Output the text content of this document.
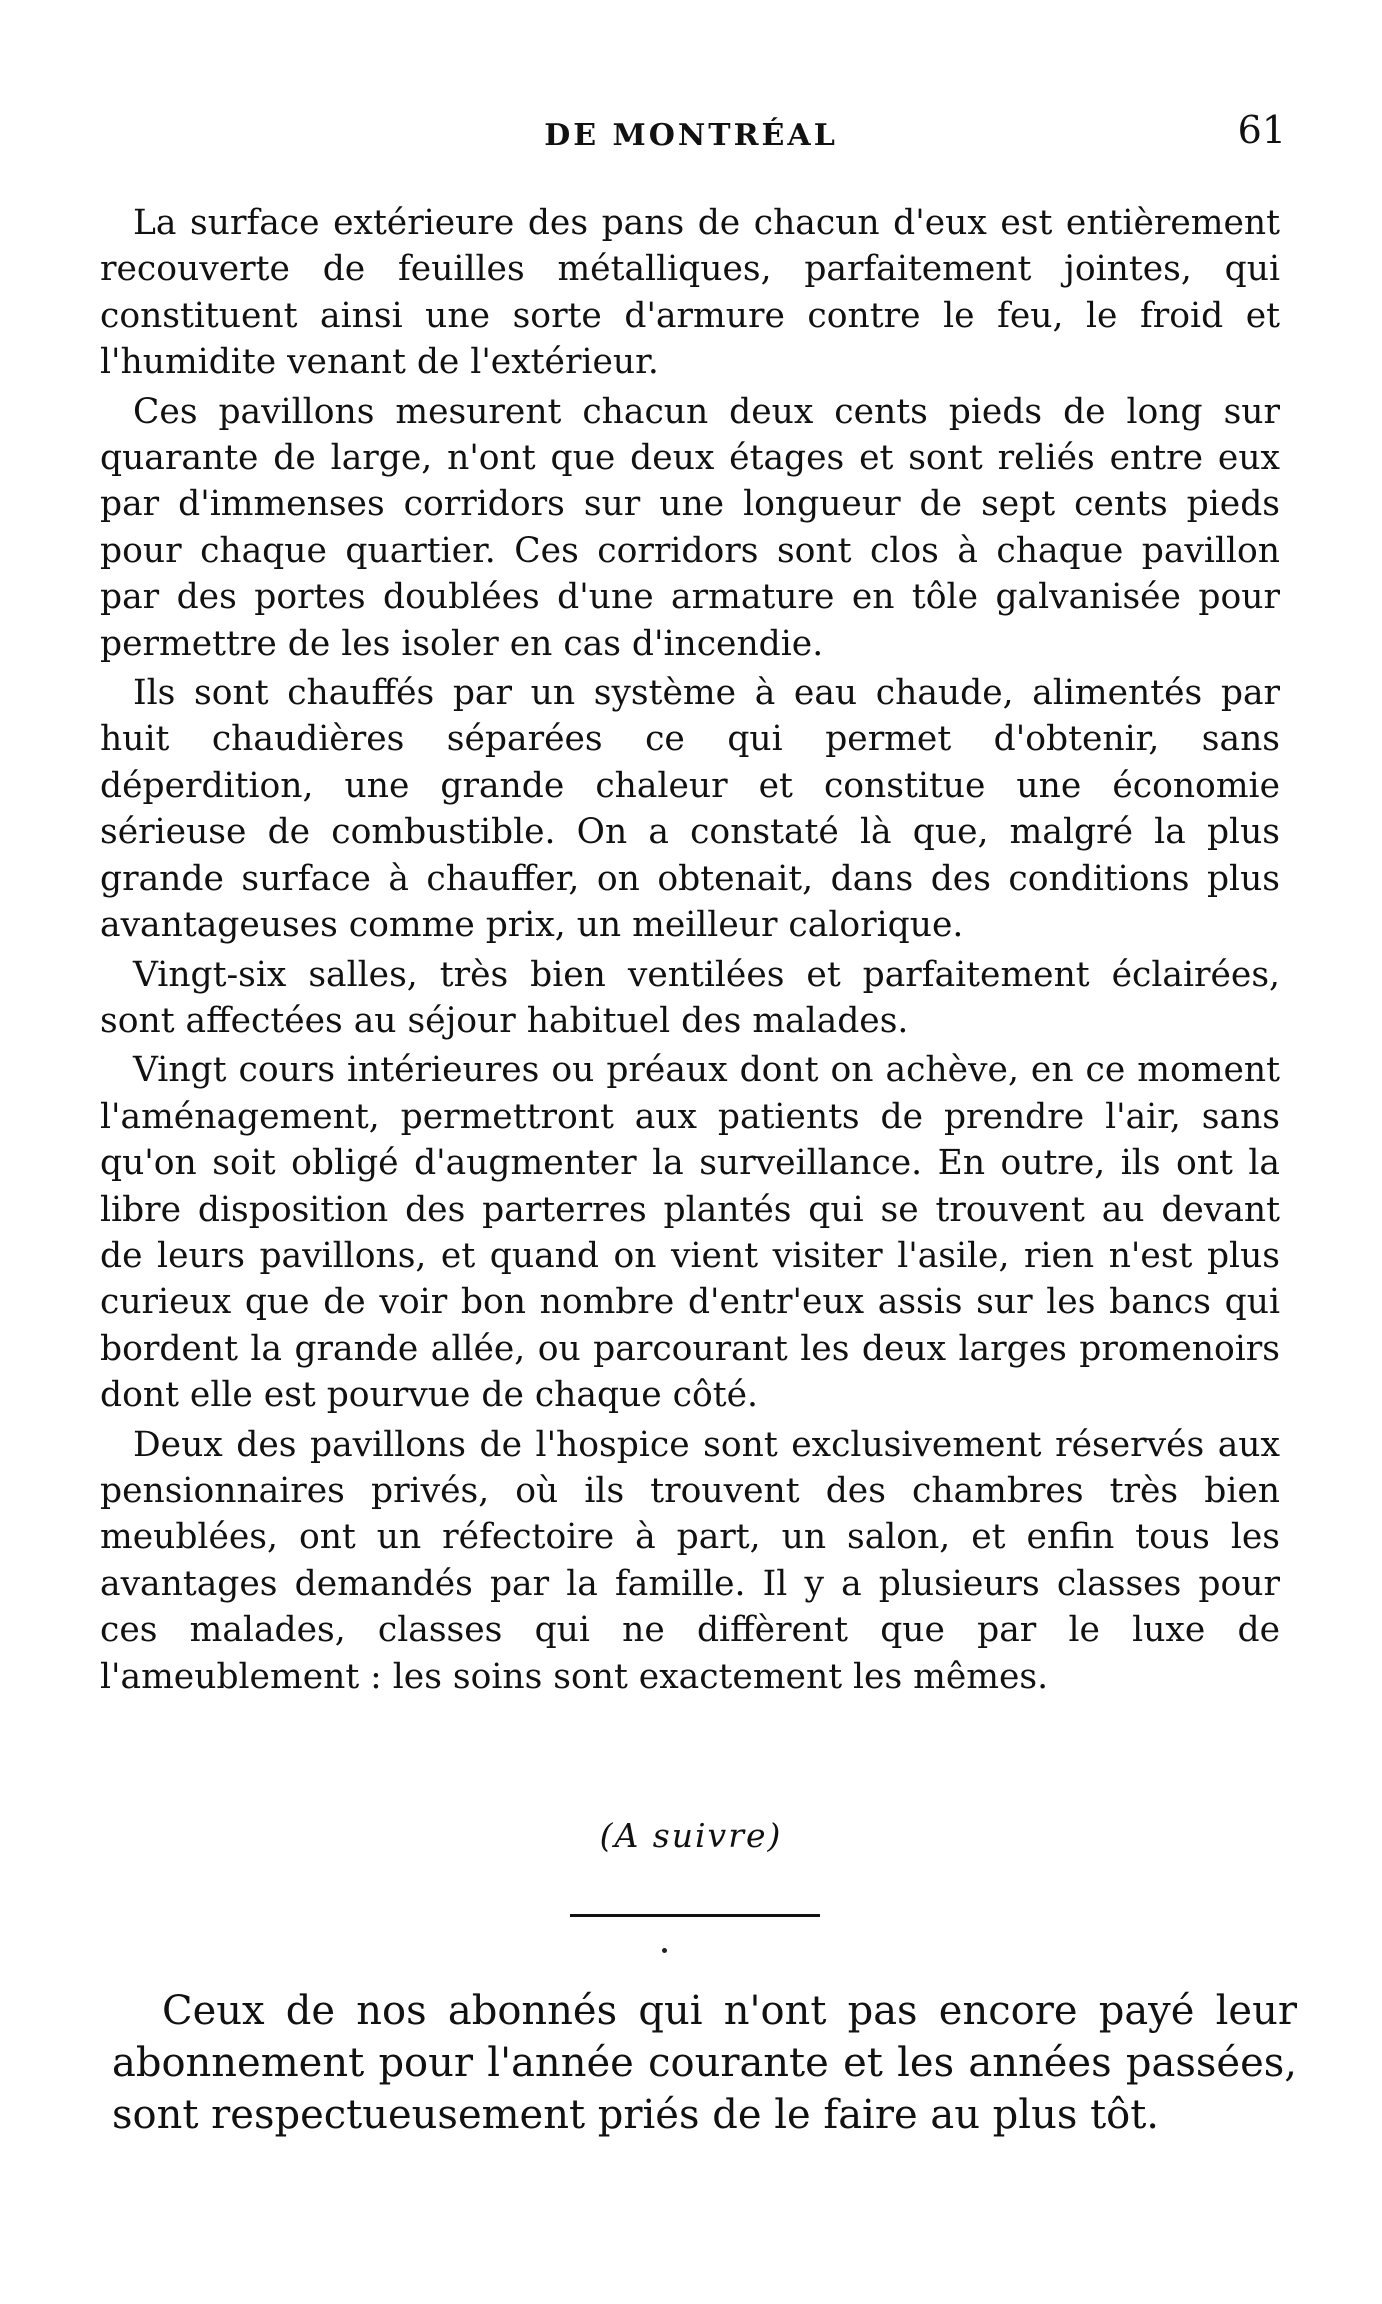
DE MONTRÉAL	61

La surface extérieure des pans de chacun d'eux est entièrement recouverte de feuilles métalliques, parfaitement jointes, qui constituent ainsi une sorte d'armure contre le feu, le froid et l'humidite venant de l'extérieur.

Ces pavillons mesurent chacun deux cents pieds de long sur quarante de large, n'ont que deux étages et sont reliés entre eux par d'immenses corridors sur une longueur de sept cents pieds pour chaque quartier. Ces corridors sont clos à chaque pavillon par des portes doublées d'une armature en tôle galvanisée pour permettre de les isoler en cas d'incendie.

Ils sont chauffés par un système à eau chaude, alimentés par huit chaudières séparées ce qui permet d'obtenir, sans déperdition, une grande chaleur et constitue une économie sérieuse de combustible. On a constaté là que, malgré la plus grande surface à chauffer, on obtenait, dans des conditions plus avantageuses comme prix, un meilleur calorique.

Vingt-six salles, très bien ventilées et parfaitement éclairées, sont affectées au séjour habituel des malades.

Vingt cours intérieures ou préaux dont on achève, en ce moment l'aménagement, permettront aux patients de prendre l'air, sans qu'on soit obligé d'augmenter la surveillance. En outre, ils ont la libre disposition des parterres plantés qui se trouvent au devant de leurs pavillons, et quand on vient visiter l'asile, rien n'est plus curieux que de voir bon nombre d'entr'eux assis sur les bancs qui bordent la grande allée, ou parcourant les deux larges promenoirs dont elle est pourvue de chaque côté.

Deux des pavillons de l'hospice sont exclusivement réservés aux pensionnaires privés, où ils trouvent des chambres très bien meublées, ont un réfectoire à part, un salon, et enfin tous les avantages demandés par la famille. Il y a plusieurs classes pour ces malades, classes qui ne diffèrent que par le luxe de l'ameublement : les soins sont exactement les mêmes.

(A suivre)

Ceux de nos abonnés qui n'ont pas encore payé leur abonnement pour l'année courante et les années passées, sont respectueusement priés de le faire au plus tôt.
